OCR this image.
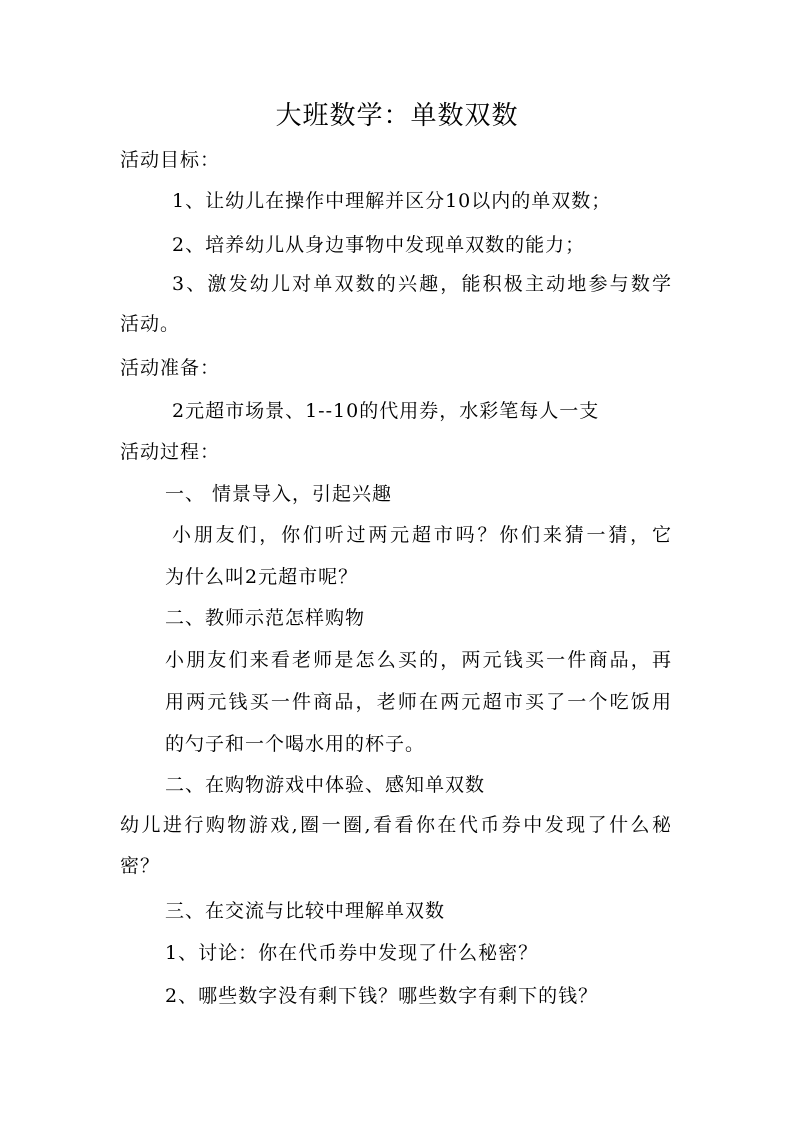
大班数学：单数双数
活动目标：
1、让幼儿在操作中理解并区分10以内的单双数；
2、培养幼儿从身边事物中发现单双数的能力；
3、激发幼儿对单双数的兴趣，能积极主动地参与数学
活动。
活动准备：
2元超市场景、1--10的代用券，水彩笔每人一支
活动过程：
一、 情景导入，引起兴趣
小朋友们，你们听过两元超市吗？你们来猜一猜，它
为什么叫2元超市呢？
二、教师示范怎样购物
小朋友们来看老师是怎么买的，两元钱买一件商品，再
用两元钱买一件商品，老师在两元超市买了一个吃饭用
的勺子和一个喝水用的杯子。
二、在购物游戏中体验、感知单双数
幼儿进行购物游戏,圈一圈,看看你在代币券中发现了什么秘
密？
三、在交流与比较中理解单双数
1、讨论：你在代币券中发现了什么秘密？
2、哪些数字没有剩下钱？哪些数字有剩下的钱？
